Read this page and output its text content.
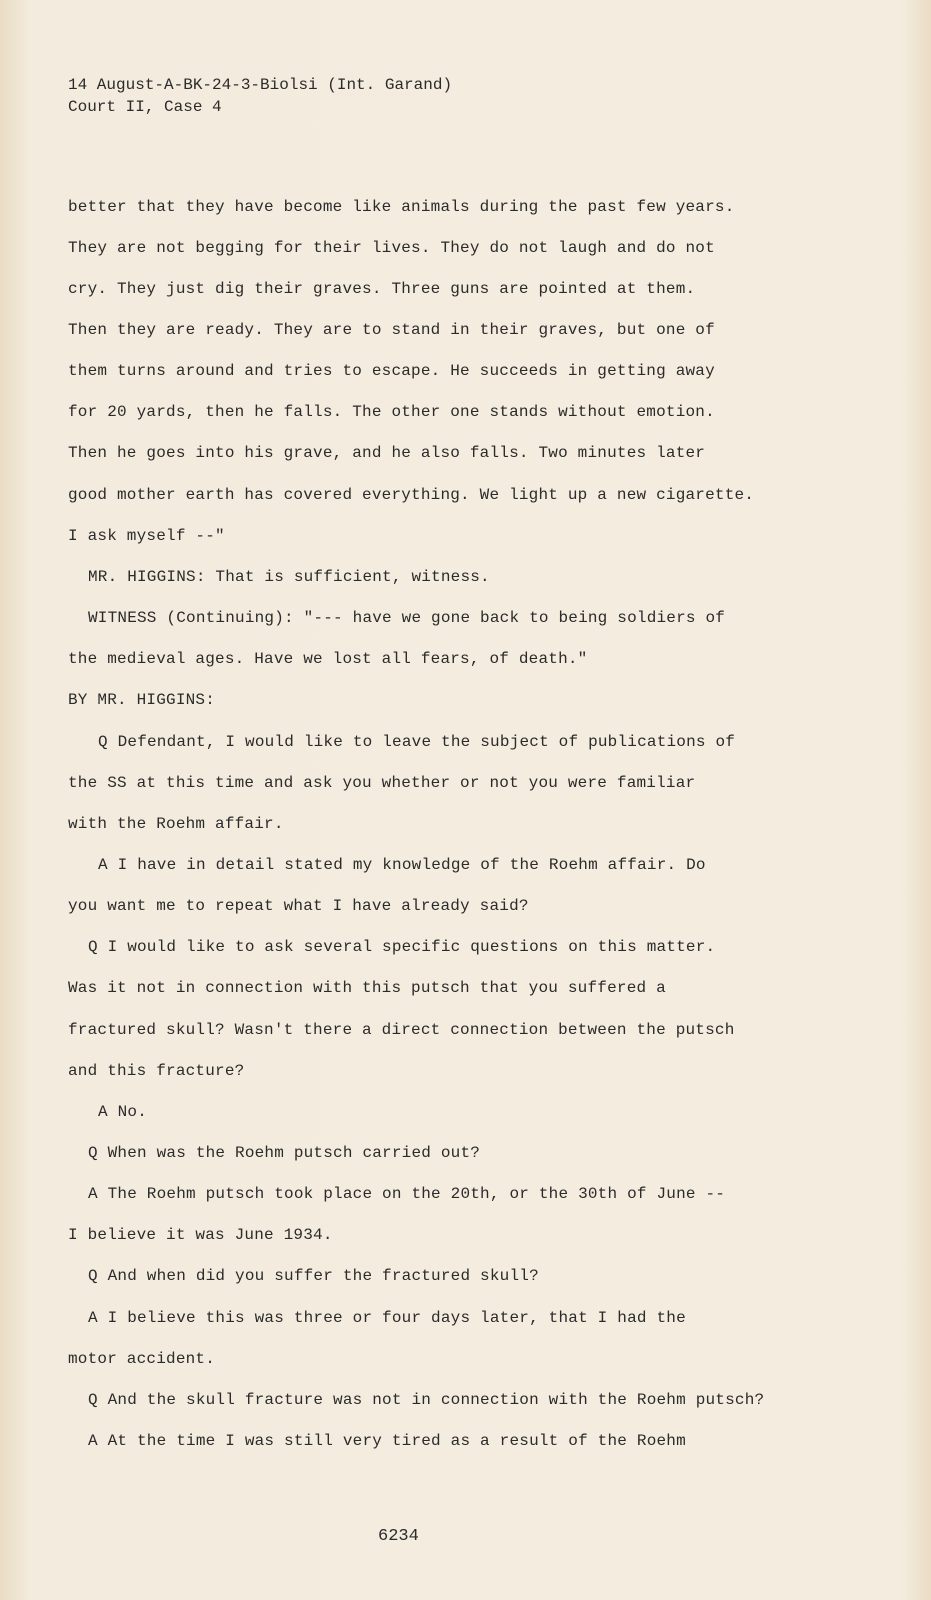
14 August-A-BK-24-3-Biolsi (Int. Garand)
Court II, Case 4
better that they have become like animals during the past few years.
They are not begging for their lives. They do not laugh and do not
cry. They just dig their graves. Three guns are pointed at them.
Then they are ready. They are to stand in their graves, but one of
them turns around and tries to escape. He succeeds in getting away
for 20 yards, then he falls. The other one stands without emotion.
Then he goes into his grave, and he also falls. Two minutes later
good mother earth has covered everything. We light up a new cigarette.
I ask myself --"
MR. HIGGINS: That is sufficient, witness.
WITNESS (Continuing): "--- have we gone back to being soldiers of
the medieval ages. Have we lost all fears, of death."
BY MR. HIGGINS:
Q Defendant, I would like to leave the subject of publications of
the SS at this time and ask you whether or not you were familiar
with the Roehm affair.
A I have in detail stated my knowledge of the Roehm affair. Do
you want me to repeat what I have already said?
Q I would like to ask several specific questions on this matter.
Was it not in connection with this putsch that you suffered a
fractured skull? Wasn't there a direct connection between the putsch
and this fracture?
A No.
Q When was the Roehm putsch carried out?
A The Roehm putsch took place on the 20th, or the 30th of June --
I believe it was June 1934.
Q And when did you suffer the fractured skull?
A I believe this was three or four days later, that I had the
motor accident.
Q And the skull fracture was not in connection with the Roehm putsch?
A At the time I was still very tired as a result of the Roehm
6234
